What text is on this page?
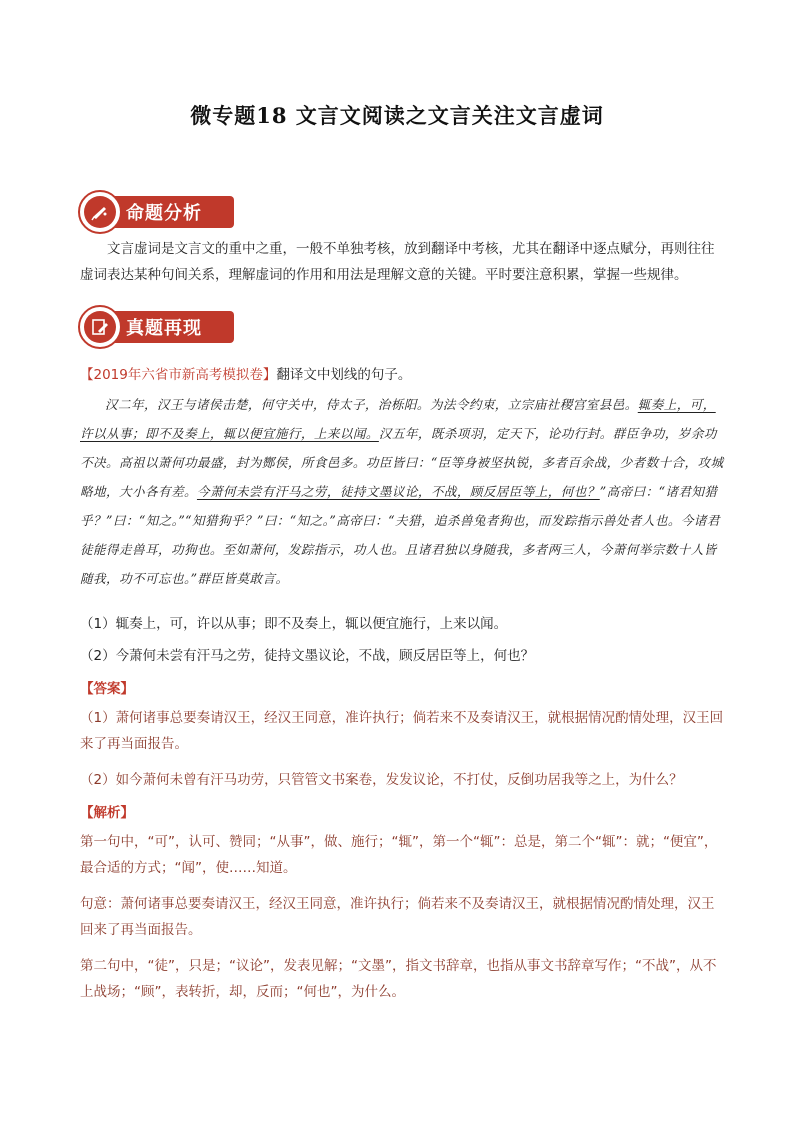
微专题18 文言文阅读之文言关注文言虚词
命题分析
文言虚词是文言文的重中之重，一般不单独考核，放到翻译中考核，尤其在翻译中逐点赋分，再则往往虚词表达某种句间关系，理解虚词的作用和用法是理解文意的关键。平时要注意积累，掌握一些规律。
真题再现
【2019年六省市新高考模拟卷】翻译文中划线的句子。
汉二年，汉王与诸侯击楚，何守关中，侍太子，治栎阳。为法令约束，立宗庙社稷宫室县邑。辄奏上，可，许以从事；即不及奏上，辄以便宜施行，上来以闻。汉五年，既杀项羽，定天下，论功行封。群臣争功，岁余功不决。高祖以萧何功最盛，封为酂侯，所食邑多。功臣皆曰：“臣等身被坚执锐，多者百余战，少者数十合，攻城略地，大小各有差。今萧何未尝有汗马之劳，徒持文墨议论，不战，顾反居臣等上，何也？”高帝曰：“诸君知猎乎？”曰：“知之。”“知猎狗乎？”曰：“知之。”高帝曰：“夫猎，追杀兽兔者狗也，而发踪指示兽处者人也。今诸君徒能得走兽耳，功狗也。至如萧何，发踪指示，功人也。且诸君独以身随我，多者两三人，今萧何举宗数十人皆随我，功不可忘也。”群臣皆莫敢言。
（1）辄奏上，可，许以从事；即不及奏上，辄以便宜施行，上来以闻。
（2）今萧何未尝有汗马之劳，徒持文墨议论，不战，顾反居臣等上，何也？
【答案】
（1）萧何诸事总要奏请汉王，经汉王同意，准许执行；倘若来不及奏请汉王，就根据情况酌情处理，汉王回来了再当面报告。
（2）如今萧何未曾有汗马功劳，只管管文书案卷，发发议论，不打仗，反倒功居我等之上，为什么？
【解析】
第一句中，“可”，认可、赞同；“从事”，做、施行；“辄”，第一个“辄”：总是，第二个“辄”：就；“便宜”，最合适的方式；“闻”，使……知道。
句意：萧何诸事总要奏请汉王，经汉王同意，准许执行；倘若来不及奏请汉王，就根据情况酌情处理，汉王回来了再当面报告。
第二句中，“徒”，只是；“议论”，发表见解；“文墨”，指文书辞章，也指从事文书辞章写作；“不战”，从不上战场；“顾”，表转折，却，反而；“何也”，为什么。
